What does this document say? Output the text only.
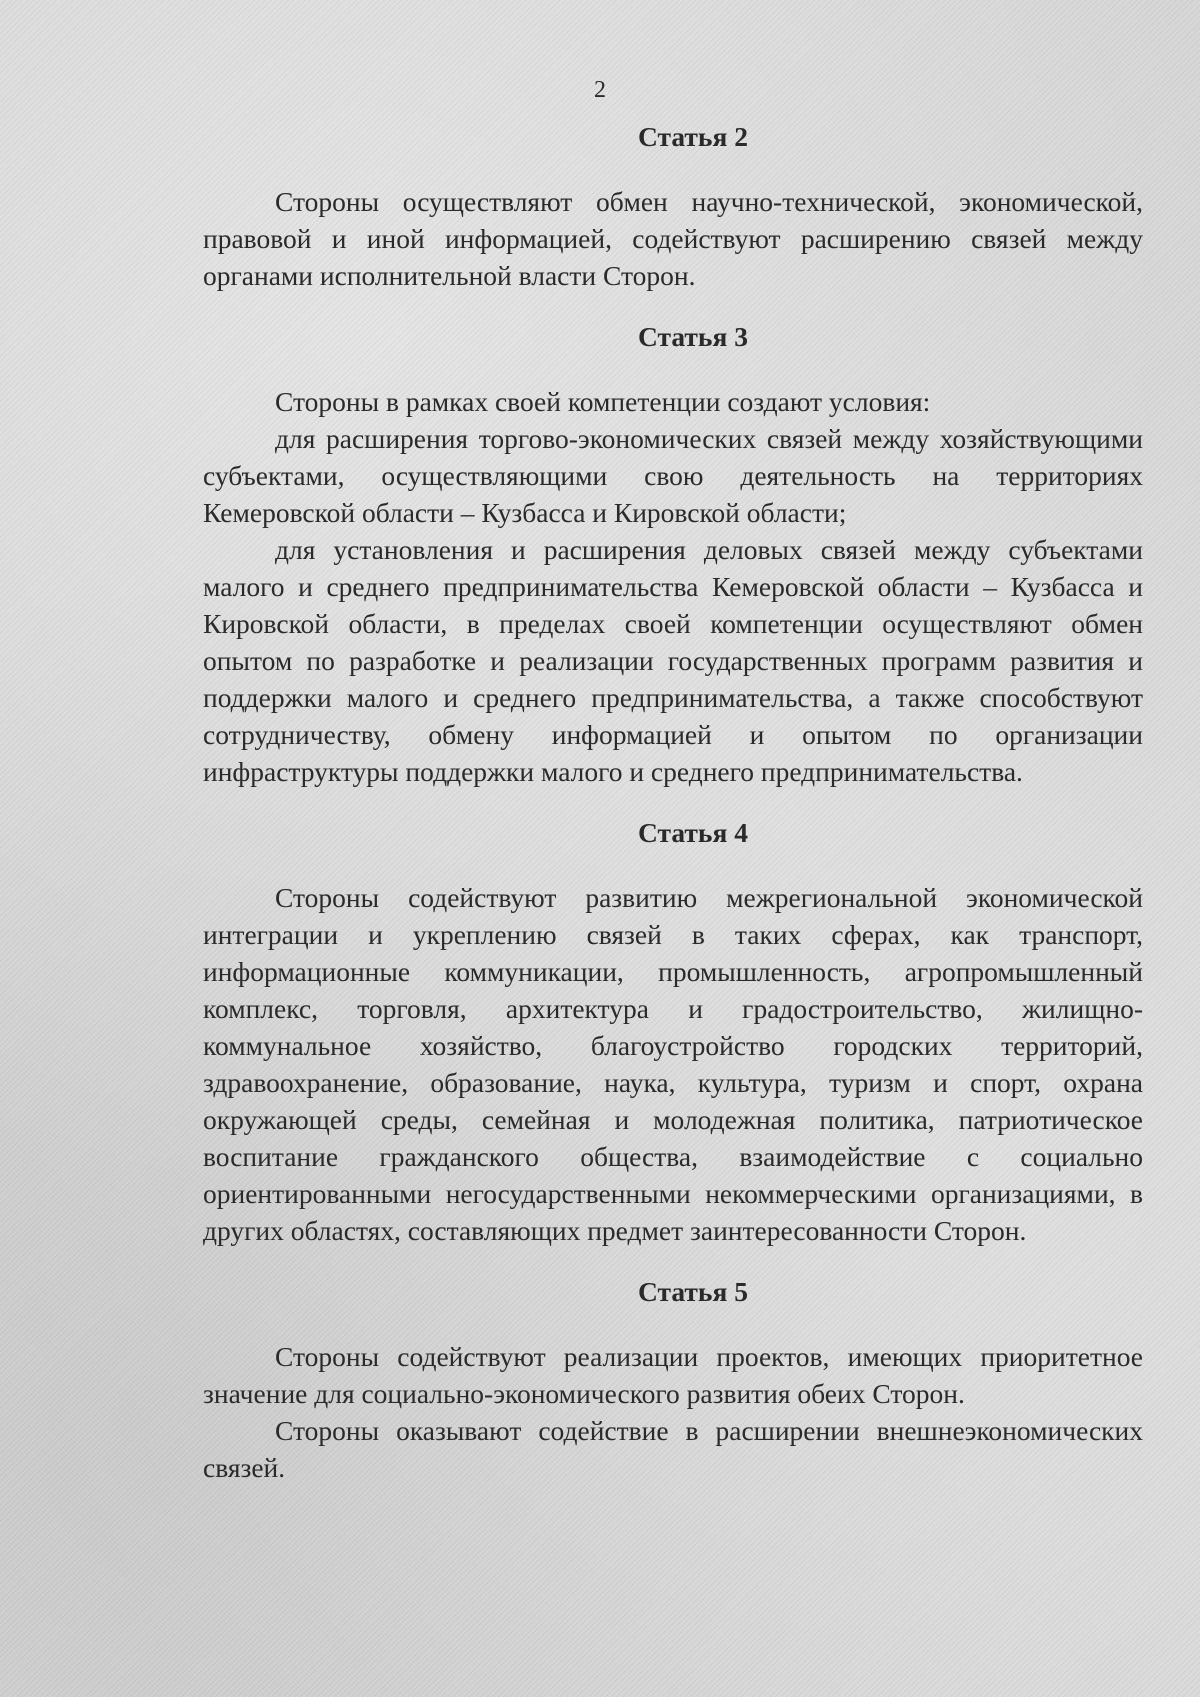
2
Статья 2

Стороны осуществляют обмен научно-технической, экономической, правовой и иной информацией, содействуют расширению связей между органами исполнительной власти Сторон.

Статья 3

Стороны в рамках своей компетенции создают условия:

для расширения торгово-экономических связей между хозяйствующими субъектами, осуществляющими свою деятельность на территориях Кемеровской области – Кузбасса и Кировской области;

для установления и расширения деловых связей между субъектами малого и среднего предпринимательства Кемеровской области – Кузбасса и Кировской области, в пределах своей компетенции осуществляют обмен опытом по разработке и реализации государственных программ развития и поддержки малого и среднего предпринимательства, а также способствуют сотрудничеству, обмену информацией и опытом по организации инфраструктуры поддержки малого и среднего предпринимательства.

Статья 4

Стороны содействуют развитию межрегиональной экономической интеграции и укреплению связей в таких сферах, как транспорт, информационные коммуникации, промышленность, агропромышленный комплекс, торговля, архитектура и градостроительство, жилищно-коммунальное хозяйство, благоустройство городских территорий, здравоохранение, образование, наука, культура, туризм и спорт, охрана окружающей среды, семейная и молодежная политика, патриотическое воспитание гражданского общества, взаимодействие с социально ориентированными негосударственными некоммерческими организациями, в других областях, составляющих предмет заинтересованности Сторон.

Статья 5

Стороны содействуют реализации проектов, имеющих приоритетное значение для социально-экономического развития обеих Сторон.

Стороны оказывают содействие в расширении внешнеэкономических связей.
